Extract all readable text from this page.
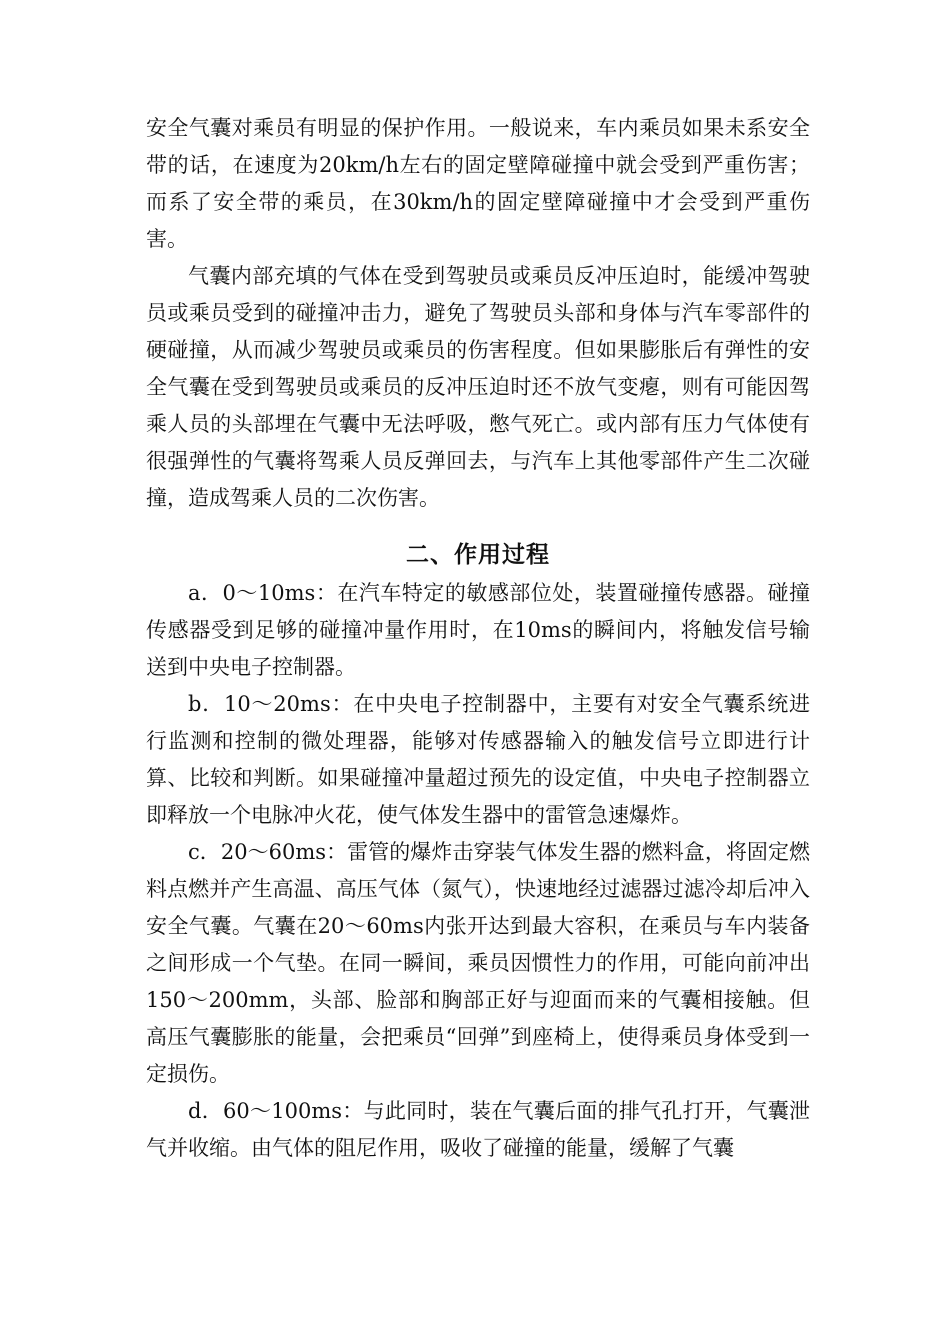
安全气囊对乘员有明显的保护作用。一般说来，车内乘员如果未系安全带的话，在速度为20km/h左右的固定壁障碰撞中就会受到严重伤害；而系了安全带的乘员，在30km/h的固定壁障碰撞中才会受到严重伤害。

气囊内部充填的气体在受到驾驶员或乘员反冲压迫时，能缓冲驾驶员或乘员受到的碰撞冲击力，避免了驾驶员头部和身体与汽车零部件的硬碰撞，从而减少驾驶员或乘员的伤害程度。但如果膨胀后有弹性的安全气囊在受到驾驶员或乘员的反冲压迫时还不放气变瘪，则有可能因驾乘人员的头部埋在气囊中无法呼吸，憋气死亡。或内部有压力气体使有很强弹性的气囊将驾乘人员反弹回去，与汽车上其他零部件产生二次碰撞，造成驾乘人员的二次伤害。

二、作用过程

a．0～10ms：在汽车特定的敏感部位处，装置碰撞传感器。碰撞传感器受到足够的碰撞冲量作用时，在10ms的瞬间内，将触发信号输送到中央电子控制器。

b．10～20ms：在中央电子控制器中，主要有对安全气囊系统进行监测和控制的微处理器，能够对传感器输入的触发信号立即进行计算、比较和判断。如果碰撞冲量超过预先的设定值，中央电子控制器立即释放一个电脉冲火花，使气体发生器中的雷管急速爆炸。

c．20～60ms：雷管的爆炸击穿装气体发生器的燃料盒，将固定燃料点燃并产生高温、高压气体（氮气），快速地经过滤器过滤冷却后冲入安全气囊。气囊在20～60ms内张开达到最大容积，在乘员与车内装备之间形成一个气垫。在同一瞬间，乘员因惯性力的作用，可能向前冲出150～200mm，头部、脸部和胸部正好与迎面而来的气囊相接触。但高压气囊膨胀的能量，会把乘员“回弹”到座椅上，使得乘员身体受到一定损伤。

d．60～100ms：与此同时，装在气囊后面的排气孔打开，气囊泄气并收缩。由气体的阻尼作用，吸收了碰撞的能量，缓解了气囊
